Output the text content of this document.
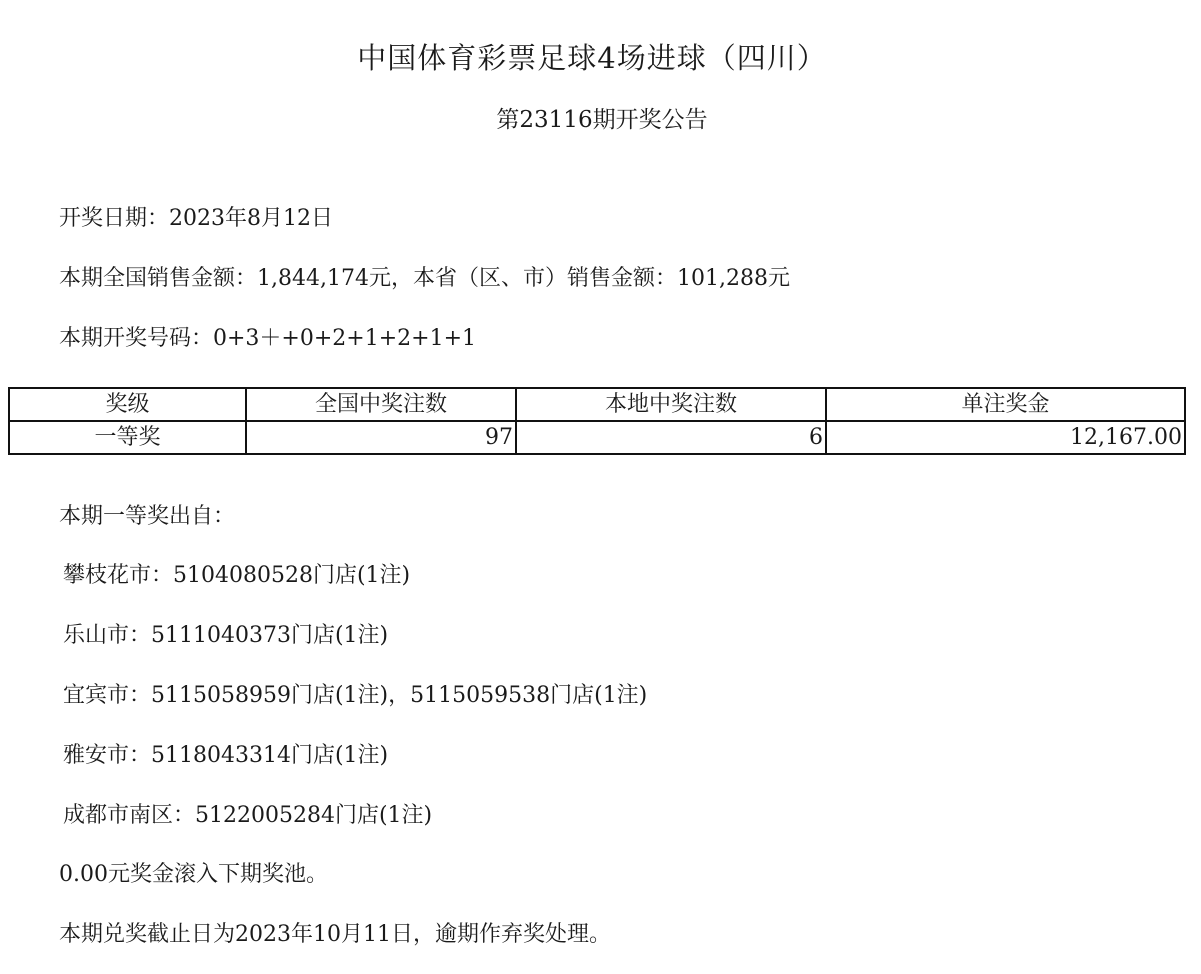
中国体育彩票足球4场进球（四川）
第23116期开奖公告
开奖日期：2023年8月12日
本期全国销售金额：1,844,174元，本省（区、市）销售金额：101,288元
本期开奖号码：0+3＋+0+2+1+2+1+1
奖级	全国中奖注数	本地中奖注数	单注奖金
一等奖	97	6	12,167.00
本期一等奖出自：
攀枝花市：5104080528门店(1注)
乐山市：5111040373门店(1注)
宜宾市：5115058959门店(1注)，5115059538门店(1注)
雅安市：5118043314门店(1注)
成都市南区：5122005284门店(1注)
0.00元奖金滚入下期奖池。
本期兑奖截止日为2023年10月11日，逾期作弃奖处理。
